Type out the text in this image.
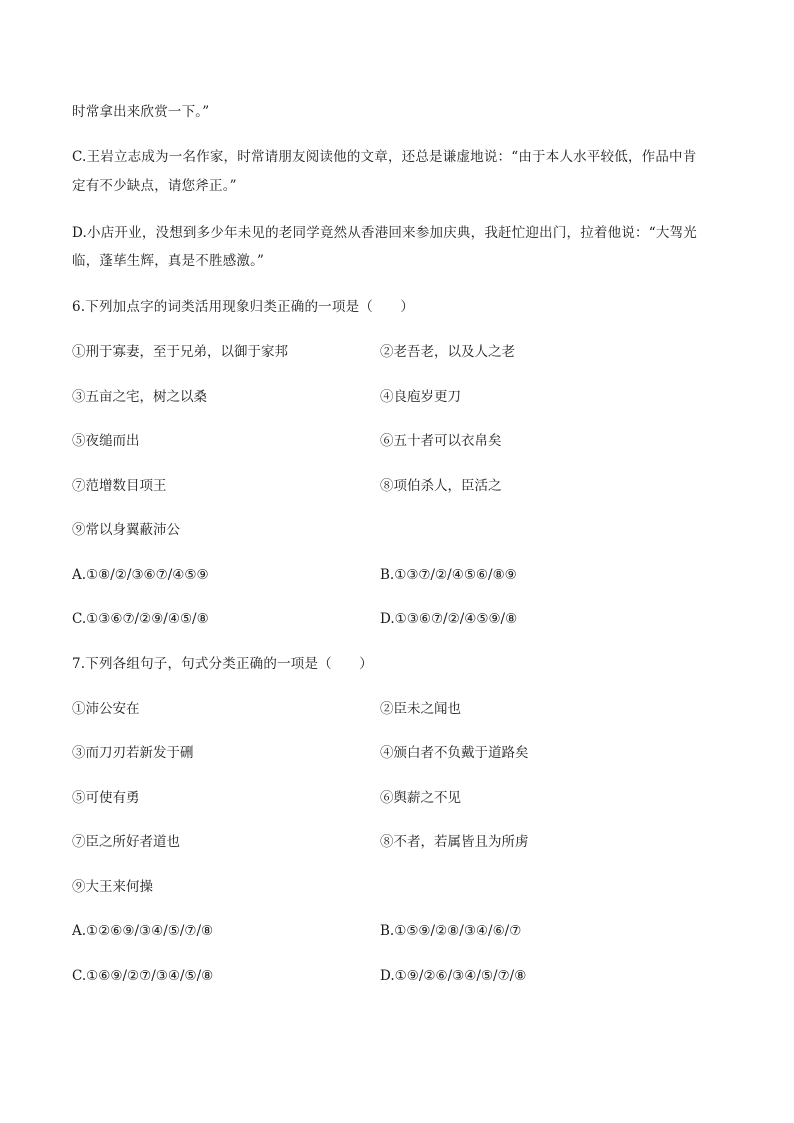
时常拿出来欣赏一下。”
C.王岩立志成为一名作家，时常请朋友阅读他的文章，还总是谦虚地说：“由于本人水平较低，作品中肯
定有不少缺点，请您斧正。”
D.小店开业，没想到多少年未见的老同学竟然从香港回来参加庆典，我赶忙迎出门，拉着他说：“大驾光
临，蓬荜生辉，真是不胜感激。”
6.下列加点字的词类活用现象归类正确的一项是（　　）
①刑于寡妻，至于兄弟，以御于家邦	②老吾老，以及人之老
③五亩之宅，树之以桑	④良庖岁更刀
⑤夜缒而出	⑥五十者可以衣帛矣
⑦范增数目项王	⑧项伯杀人，臣活之
⑨常以身翼蔽沛公
A.①⑧/②/③⑥⑦/④⑤⑨	B.①③⑦/②/④⑤⑥/⑧⑨
C.①③⑥⑦/②⑨/④⑤/⑧	D.①③⑥⑦/②/④⑤⑨/⑧
7.下列各组句子，句式分类正确的一项是（　　）
①沛公安在	②臣未之闻也
③而刀刃若新发于硎	④颁白者不负戴于道路矣
⑤可使有勇	⑥舆薪之不见
⑦臣之所好者道也	⑧不者，若属皆且为所虏
⑨大王来何操
A.①②⑥⑨/③④/⑤/⑦/⑧	B.①⑤⑨/②⑧/③④/⑥/⑦
C.①⑥⑨/②⑦/③④/⑤/⑧	D.①⑨/②⑥/③④/⑤/⑦/⑧
